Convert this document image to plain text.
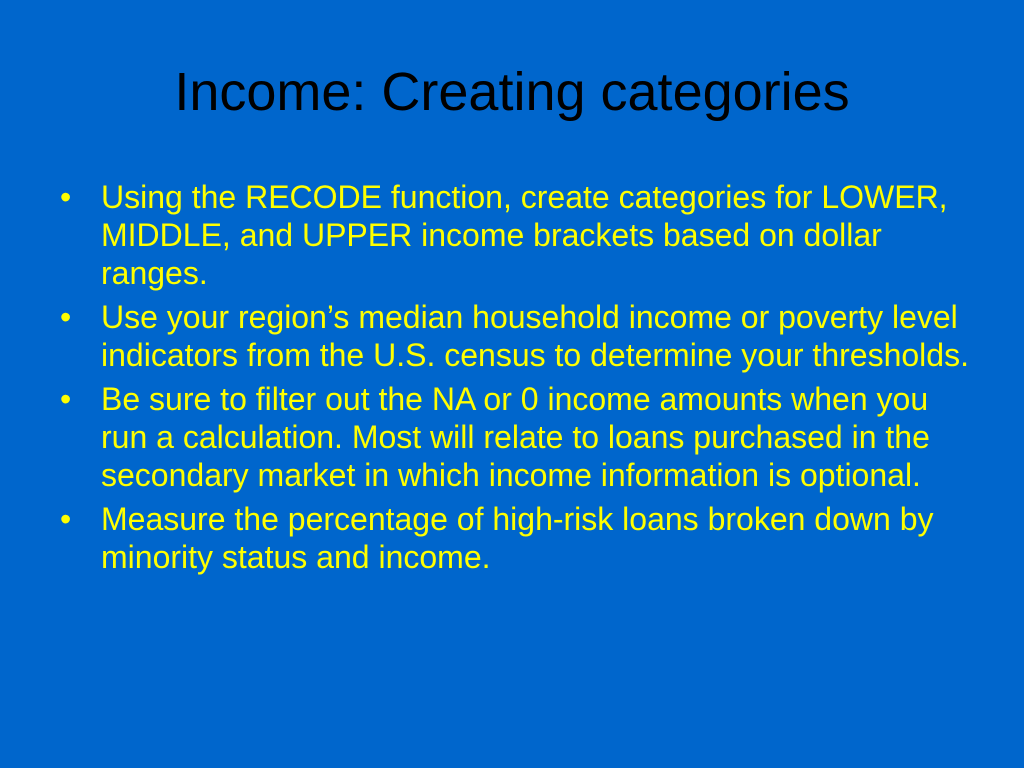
Income: Creating categories
• Using the RECODE function, create categories for LOWER, MIDDLE, and UPPER income brackets based on dollar ranges.
• Use your region’s median household income or poverty level indicators from the U.S. census to determine your thresholds.
• Be sure to filter out the NA or 0 income amounts when you run a calculation. Most will relate to loans purchased in the secondary market in which income information is optional.
• Measure the percentage of high-risk loans broken down by minority status and income.
